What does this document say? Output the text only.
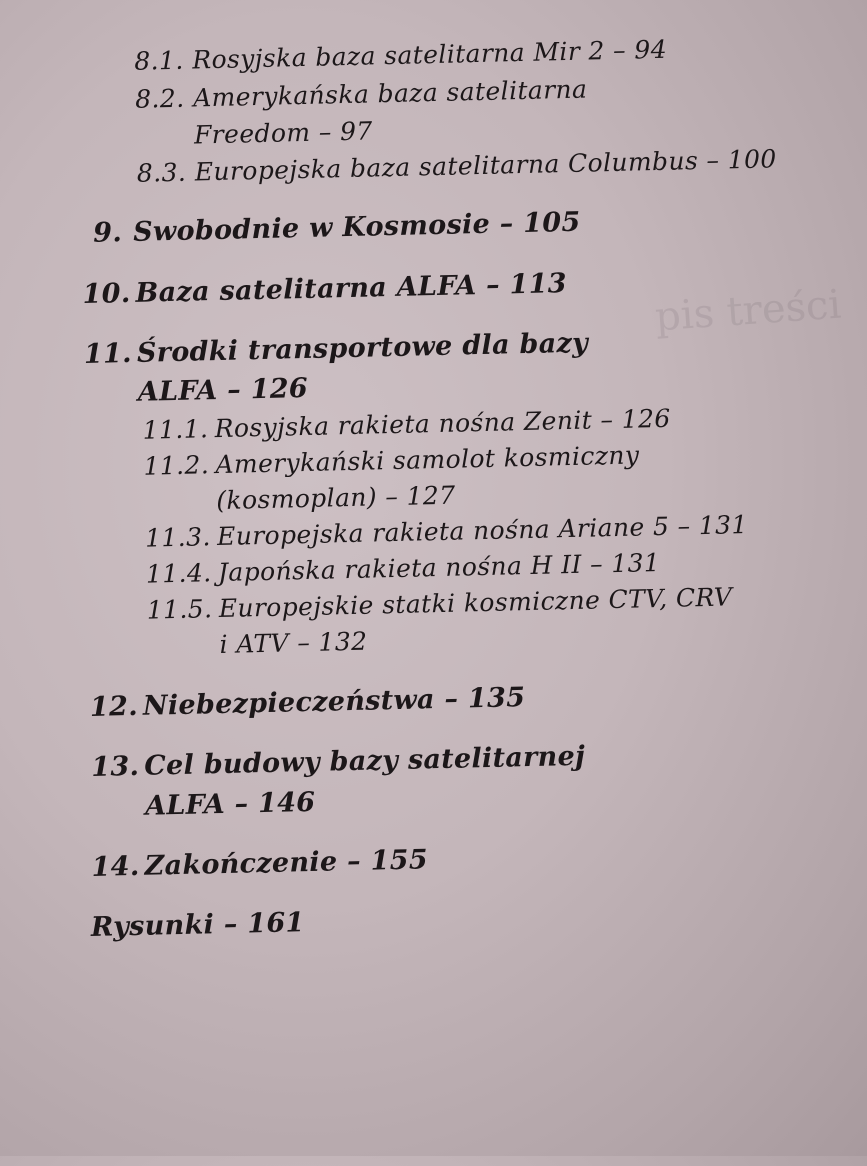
pis treści
8.1. Rosyjska baza satelitarna Mir 2 – 94
8.2. Amerykańska baza satelitarna
Freedom – 97
8.3. Europejska baza satelitarna Columbus – 100
9. Swobodnie w Kosmosie – 105
10. Baza satelitarna ALFA – 113
11. Środki transportowe dla bazy
ALFA – 126
11.1. Rosyjska rakieta nośna Zenit – 126
11.2. Amerykański samolot kosmiczny
(kosmoplan) – 127
11.3. Europejska rakieta nośna Ariane 5 – 131
11.4. Japońska rakieta nośna H II – 131
11.5. Europejskie statki kosmiczne CTV, CRV
i ATV – 132
12. Niebezpieczeństwa – 135
13. Cel budowy bazy satelitarnej
ALFA – 146
14. Zakończenie – 155
Rysunki – 161
